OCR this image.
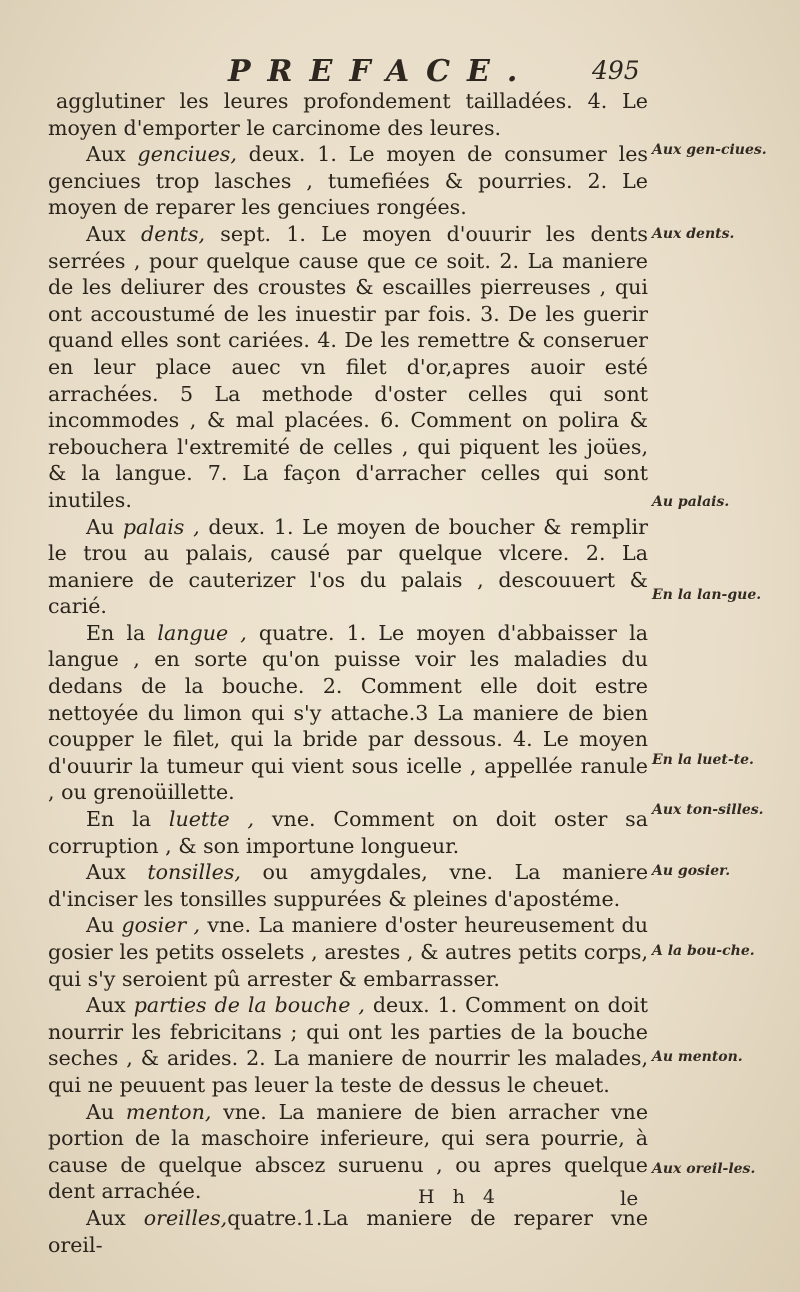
PREFACE.	495

agglutiner les leures profondement tailladées. 4. Le moyen d'emporter le carcinome des leures.

Aux genciues, deux. 1. Le moyen de consumer les genciues trop lasches , tumefiées & pourries. 2. Le moyen de reparer les genciues rongées.

Aux dents, sept. 1. Le moyen d'ouurir les dents serrées , pour quelque cause que ce soit. 2. La maniere de les deliurer des croustes & escailles pierreuses , qui ont accoustumé de les inuestir par fois. 3. De les guerir quand elles sont cariées. 4. De les remettre & conseruer en leur place auec vn filet d'or,apres auoir esté arrachées. 5 La methode d'oster celles qui sont incommodes , & mal placées. 6. Comment on polira & rebouchera l'extremité de celles , qui piquent les joües, & la langue. 7. La façon d'arracher celles qui sont inutiles.

Au palais , deux. 1. Le moyen de boucher & remplir le trou au palais, causé par quelque vlcere. 2. La maniere de cauterizer l'os du palais , descouuert & carié.

En la langue , quatre. 1. Le moyen d'abbaisser la langue , en sorte qu'on puisse voir les maladies du dedans de la bouche. 2. Comment elle doit estre nettoyée du limon qui s'y attache.3 La maniere de bien coupper le filet, qui la bride par dessous. 4. Le moyen d'ouurir la tumeur qui vient sous icelle , appellée ranule , ou grenoüillette.

En la luette , vne. Comment on doit oster sa corruption , & son importune longueur.

Aux tonsilles, ou amygdales, vne. La maniere d'inciser les tonsilles suppurées & pleines d'apostéme.

Au gosier , vne. La maniere d'oster heureusement du gosier les petits osselets , arestes , & autres petits corps, qui s'y seroient pû arrester & embarrasser.

Aux parties de la bouche , deux. 1. Comment on doit nourrir les febricitans ; qui ont les parties de la bouche seches , & arides. 2. La maniere de nourrir les malades, qui ne peuuent pas leuer la teste de dessus le cheuet.

Au menton, vne. La maniere de bien arracher vne portion de la maschoire inferieure, qui sera pourrie, à cause de quelque abscez suruenu , ou apres quelque dent arrachée.

Aux oreilles,quatre.1.La maniere de reparer vne oreil-

Aux gen-ciues.
Aux dents.
Au palais.
En la lan-gue.
En la luet-te.
Aux ton-silles.
Au gosier.
A la bou-che.
Au menton.
Aux oreil-les.
H h 4	le
